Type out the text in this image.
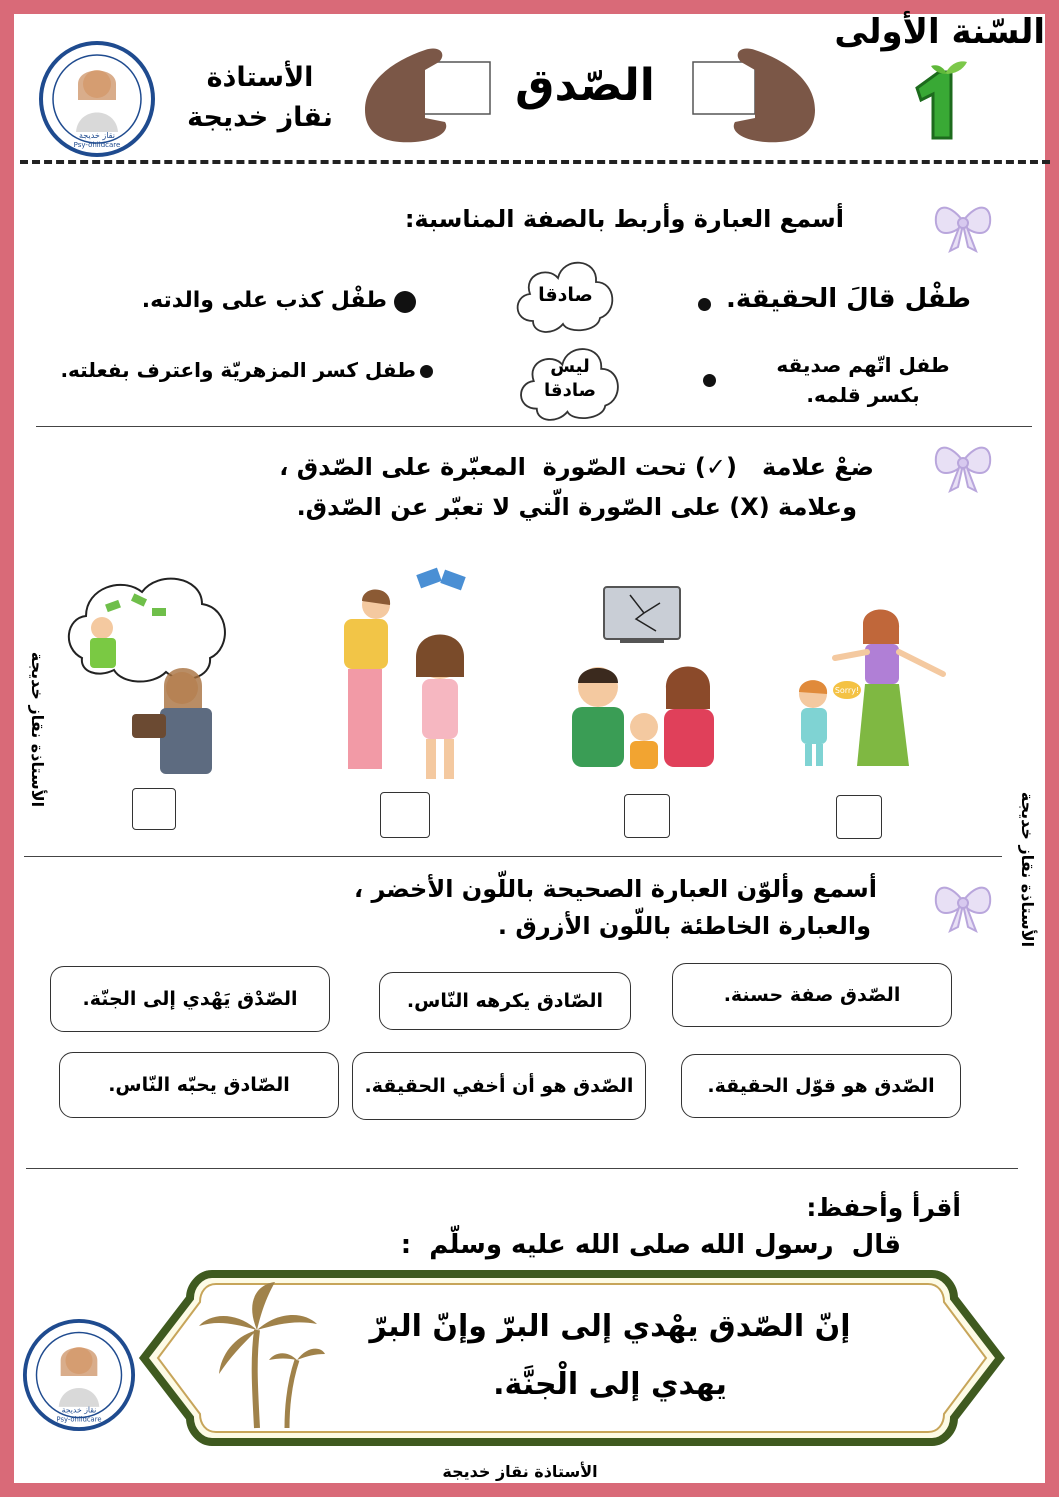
السّنة الأولى
الصّدق
الأستاذة
نقاز خديجة
نقاز خديجة
Psy-ohildcare
أسمع العبارة وأربط بالصفة المناسبة:
صادقا
ليس
صادقا
طفْل قالَ الحقيقة.
طفل اتّهم صديقه
بكسر قلمه.
طفْل كذب على والدته.
طفل كسر المزهريّة واعترف بفعلته.
ضعْ علامة   (✓) تحت الصّورة  المعبّرة على الصّدق ،
وعلامة (X) على الصّورة الّتي لا تعبّر عن الصّدق.
Sorry!
الأستاذة نقاز خديجة
الأستاذة نقاز خديجة
أسمع وألوّن العبارة الصحيحة باللّون الأخضر ،
والعبارة الخاطئة باللّون الأزرق .
الصّدق صفة حسنة.
الصّادق يكرهه النّاس.
الصّدْق يَهْدي إلى الجنّة.
الصّدق هو قوّل الحقيقة.
الصّدق هو أن أخفي الحقيقة.
الصّادق يحبّه النّاس.
أقرأ وأحفظ:
قال  رسول الله صلى الله عليه وسلّم  :
إنّ الصّدق يهْدي إلى البرّ وإنّ البرّ
يهدي إلى الْجنَّة.
نقاز خديجة
Psy-ohildcare
الأستاذة نقاز خديجة
